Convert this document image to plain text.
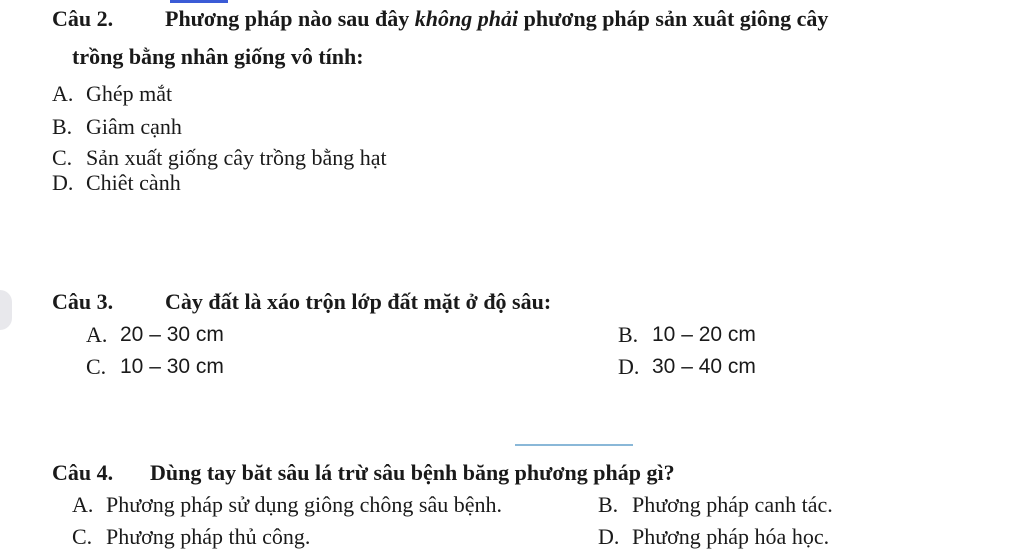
Câu 2. Phương pháp nào sau đây không phải phương pháp sản xuât giông cây
trồng bằng nhân giống vô tính:
A. Ghép mắt
B. Giâm cạnh
C. Sản xuất giống cây trồng bằng hạt
D. Chiêt cành
Câu 3. Cày đất là xáo trộn lớp đất mặt ở độ sâu:
A. 20 – 30 cm	B. 10 – 20 cm
C. 10 – 30 cm	D. 30 – 40 cm
Câu 4. Dùng tay băt sâu lá trừ sâu bệnh băng phương pháp gì?
A. Phương pháp sử dụng giông chông sâu bệnh.	B. Phương pháp canh tác.
C. Phương pháp thủ công.	D. Phương pháp hóa học.
